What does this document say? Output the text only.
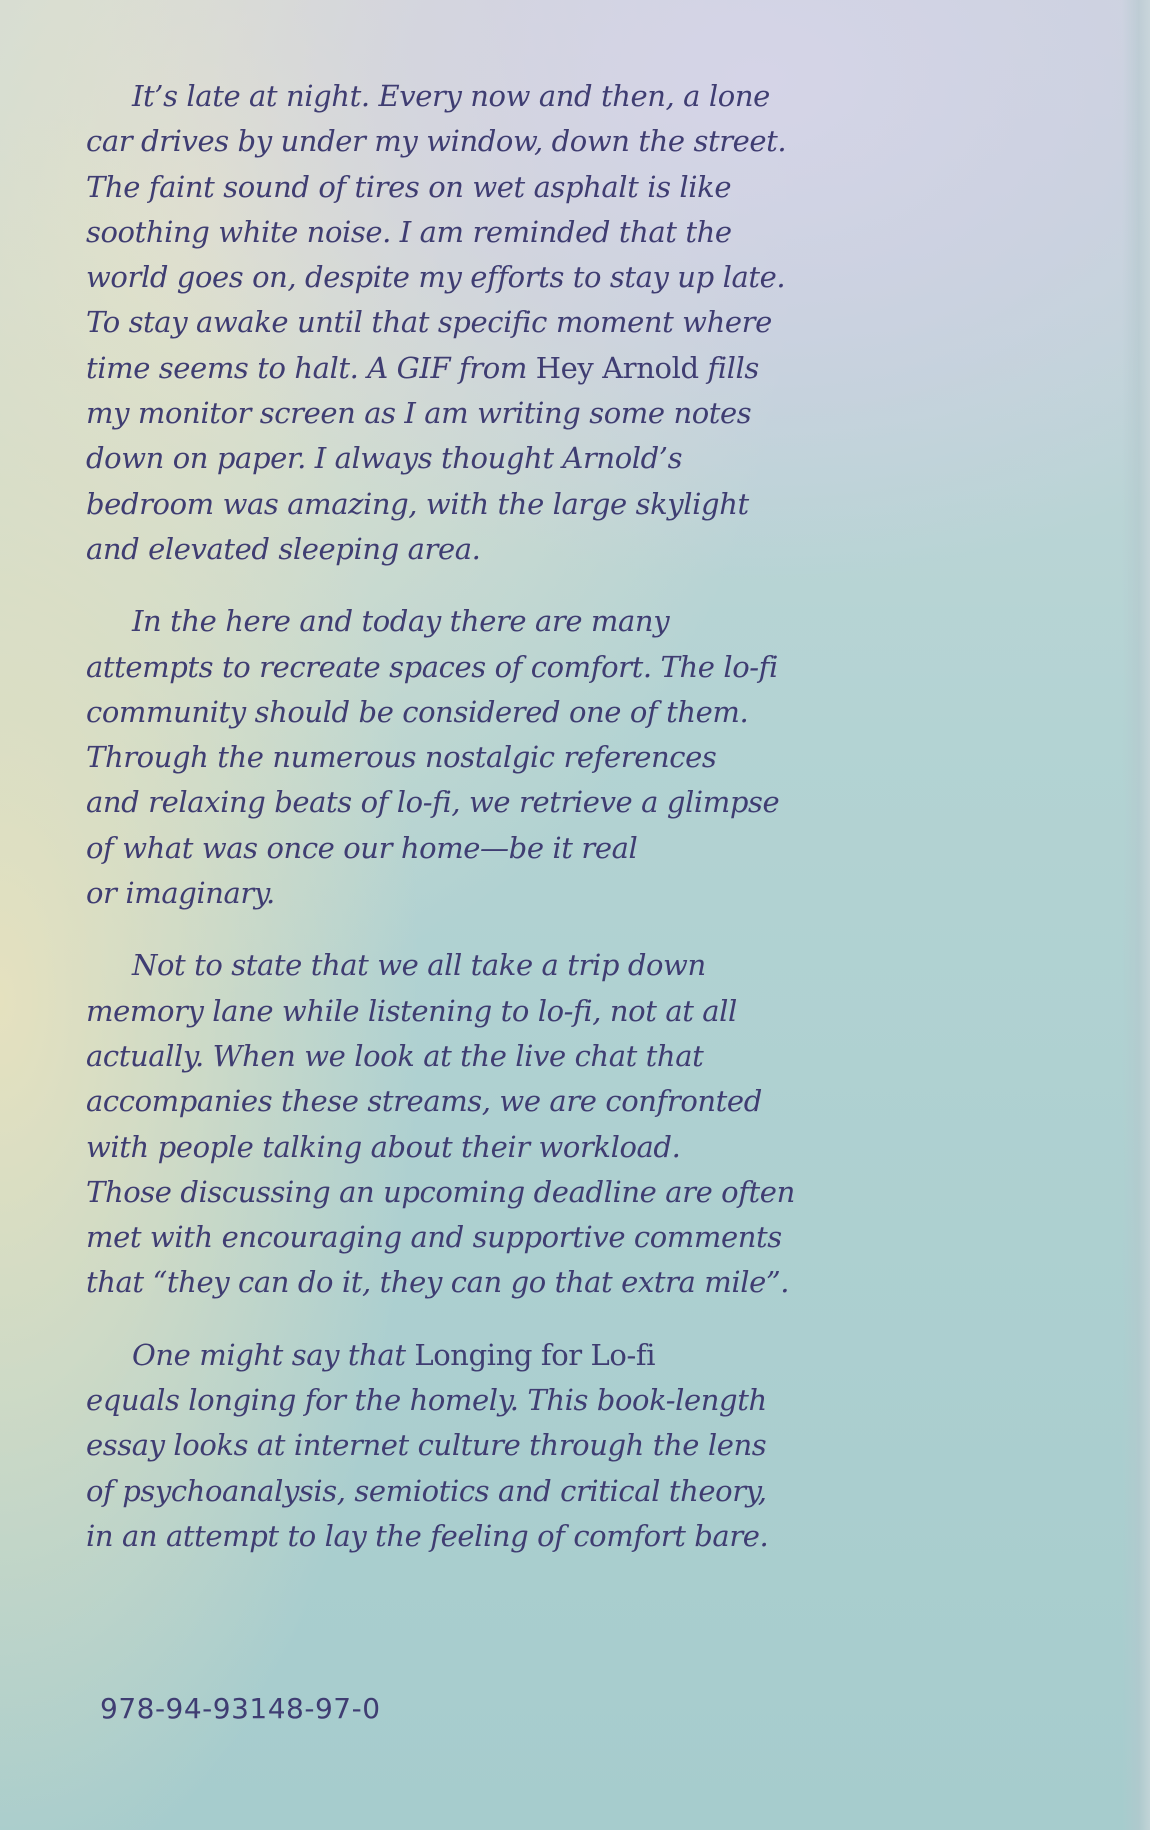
It’s late at night. Every now and then, a lone
car drives by under my window, down the street.
The faint sound of tires on wet asphalt is like
soothing white noise. I am reminded that the
world goes on, despite my efforts to stay up late.
To stay awake until that specific moment where
time seems to halt. A GIF from Hey Arnold fills
my monitor screen as I am writing some notes
down on paper. I always thought Arnold’s
bedroom was amazing, with the large skylight
and elevated sleeping area.

In the here and today there are many
attempts to recreate spaces of comfort. The lo-fi
community should be considered one of them.
Through the numerous nostalgic references
and relaxing beats of lo-fi, we retrieve a glimpse
of what was once our home—be it real
or imaginary.

Not to state that we all take a trip down
memory lane while listening to lo-fi, not at all
actually. When we look at the live chat that
accompanies these streams, we are confronted
with people talking about their workload.
Those discussing an upcoming deadline are often
met with encouraging and supportive comments
that “they can do it, they can go that extra mile”.

One might say that Longing for Lo-fi
equals longing for the homely. This book-length
essay looks at internet culture through the lens
of psychoanalysis, semiotics and critical theory,
in an attempt to lay the feeling of comfort bare.

978-94-93148-97-0
